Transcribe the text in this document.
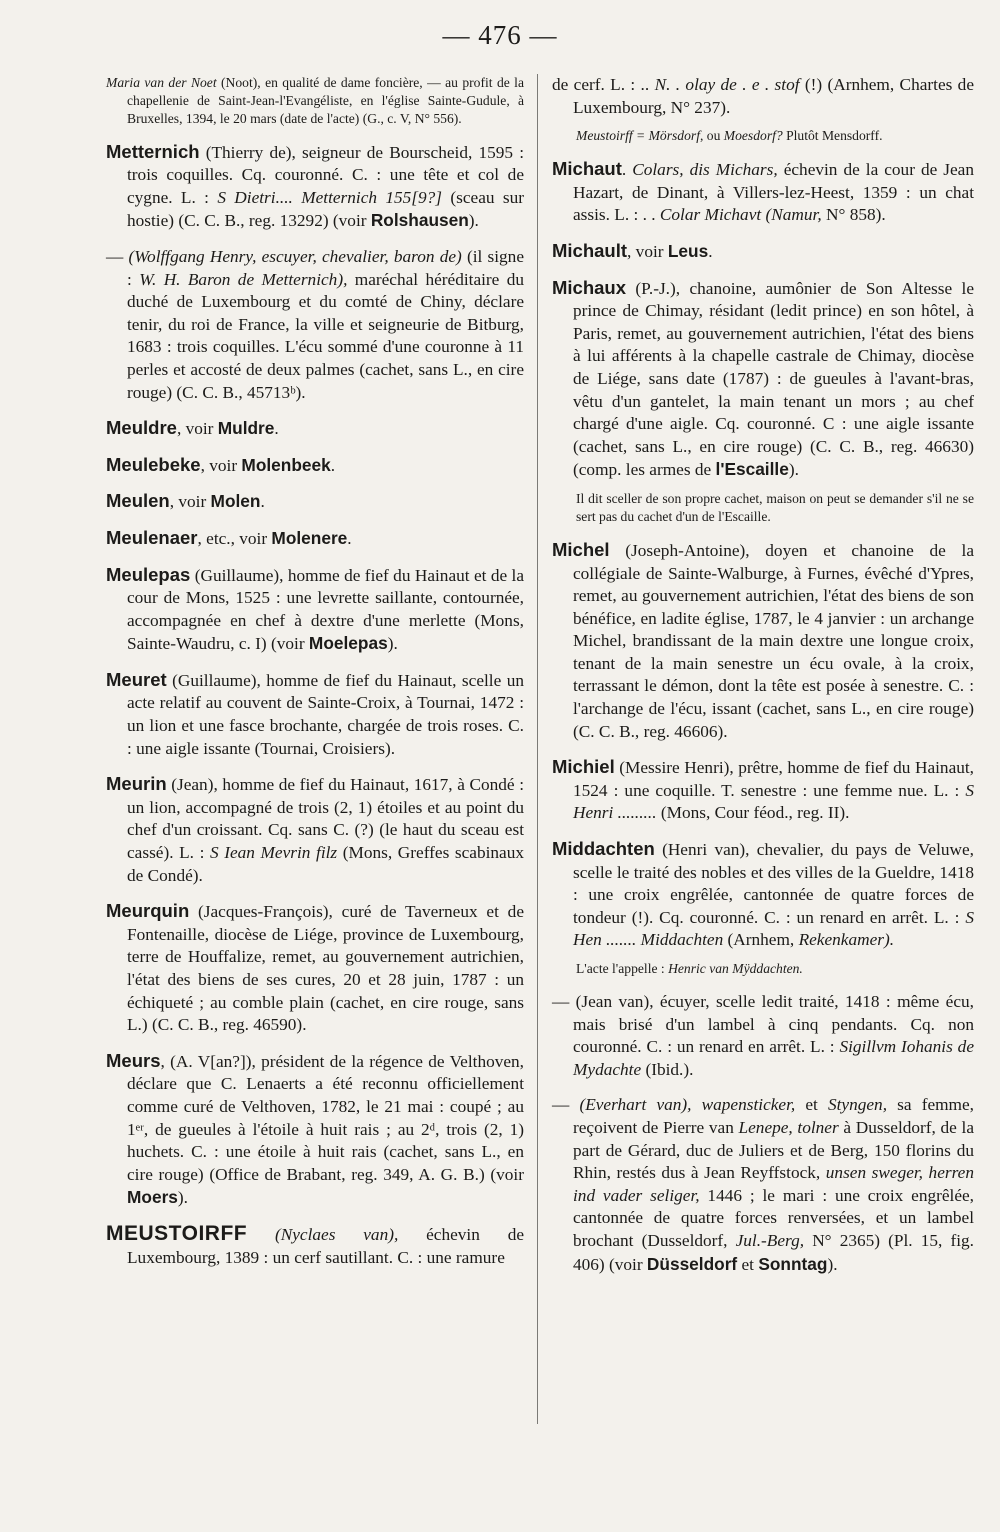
— 476 —

Maria van der Noet (Noot), en qualité de dame foncière, — au profit de la chapellenie de Saint-Jean-l'Evangéliste, en l'église Sainte-Gudule, à Bruxelles, 1394, le 20 mars (date de l'acte) (G., c. V, N° 556).

Metternich (Thierry de), seigneur de Bourscheid, 1595 : trois coquilles. Cq. couronné. C. : une tête et col de cygne. L. : S Dietri.... Metternich 155[9?] (sceau sur hostie) (C. C. B., reg. 13292) (voir Rolshausen).

— (Wolffgang Henry, escuyer, chevalier, baron de) (il signe : W. H. Baron de Metternich), maréchal héréditaire du duché de Luxembourg et du comté de Chiny, déclare tenir, du roi de France, la ville et seigneurie de Bitburg, 1683 : trois coquilles. L'écu sommé d'une couronne à 11 perles et accosté de deux palmes (cachet, sans L., en cire rouge) (C. C. B., 45713ᵇ).

Meuldre, voir Muldre.

Meulebeke, voir Molenbeek.

Meulen, voir Molen.

Meulenaer, etc., voir Molenere.

Meulepas (Guillaume), homme de fief du Hainaut et de la cour de Mons, 1525 : une levrette saillante, contournée, accompagnée en chef à dextre d'une merlette (Mons, Sainte-Waudru, c. I) (voir Moelepas).

Meuret (Guillaume), homme de fief du Hainaut, scelle un acte relatif au couvent de Sainte-Croix, à Tournai, 1472 : un lion et une fasce brochante, chargée de trois roses. C. : une aigle issante (Tournai, Croisiers).

Meurin (Jean), homme de fief du Hainaut, 1617, à Condé : un lion, accompagné de trois (2, 1) étoiles et au point du chef d'un croissant. Cq. sans C. (?) (le haut du sceau est cassé). L. : S Iean Mevrin filz (Mons, Greffes scabinaux de Condé).

Meurquin (Jacques-François), curé de Taverneux et de Fontenaille, diocèse de Liége, province de Luxembourg, terre de Houffalize, remet, au gouvernement autrichien, l'état des biens de ses cures, 20 et 28 juin, 1787 : un échiqueté ; au comble plain (cachet, en cire rouge, sans L.) (C. C. B., reg. 46590).

Meurs, (A. V[an?]), président de la régence de Velthoven, déclare que C. Lenaerts a été reconnu officiellement comme curé de Velthoven, 1782, le 21 mai : coupé ; au 1ᵉʳ, de gueules à l'étoile à huit rais ; au 2ᵈ, trois (2, 1) huchets. C. : une étoile à huit rais (cachet, sans L., en cire rouge) (Office de Brabant, reg. 349, A. G. B.) (voir Moers).

MEUSTOIRFF (Nyclaes van), échevin de Luxembourg, 1389 : un cerf sautillant. C. : une ramure

de cerf. L. : .. N. . olay de . e . stof (!) (Arnhem, Chartes de Luxembourg, N° 237).

Meustoirff = Mörsdorf, ou Moesdorf? Plutôt Mensdorff.

Michaut. Colars, dis Michars, échevin de la cour de Jean Hazart, de Dinant, à Villers-lez-Heest, 1359 : un chat assis. L. : . . Colar Michavt (Namur, N° 858).

Michault, voir Leus.

Michaux (P.-J.), chanoine, aumônier de Son Altesse le prince de Chimay, résidant (ledit prince) en son hôtel, à Paris, remet, au gouvernement autrichien, l'état des biens à lui afférents à la chapelle castrale de Chimay, diocèse de Liége, sans date (1787) : de gueules à l'avant-bras, vêtu d'un gantelet, la main tenant un mors ; au chef chargé d'une aigle. Cq. couronné. C : une aigle issante (cachet, sans L., en cire rouge) (C. C. B., reg. 46630) (comp. les armes de l'Escaille).

Il dit sceller de son propre cachet, maison on peut se demander s'il ne se sert pas du cachet d'un de l'Escaille.

Michel (Joseph-Antoine), doyen et chanoine de la collégiale de Sainte-Walburge, à Furnes, évêché d'Ypres, remet, au gouvernement autrichien, l'état des biens de son bénéfice, en ladite église, 1787, le 4 janvier : un archange Michel, brandissant de la main dextre une longue croix, tenant de la main senestre un écu ovale, à la croix, terrassant le démon, dont la tête est posée à senestre. C. : l'archange de l'écu, issant (cachet, sans L., en cire rouge) (C. C. B., reg. 46606).

Michiel (Messire Henri), prêtre, homme de fief du Hainaut, 1524 : une coquille. T. senestre : une femme nue. L. : S Henri ......... (Mons, Cour féod., reg. II).

Middachten (Henri van), chevalier, du pays de Veluwe, scelle le traité des nobles et des villes de la Gueldre, 1418 : une croix engrêlée, cantonnée de quatre forces de tondeur (!). Cq. couronné. C. : un renard en arrêt. L. : S Hen ....... Middachten (Arnhem, Rekenkamer).

L'acte l'appelle : Henric van Mÿddachten.

— (Jean van), écuyer, scelle ledit traité, 1418 : même écu, mais brisé d'un lambel à cinq pendants. Cq. non couronné. C. : un renard en arrêt. L. : Sigillvm Iohanis de Mydachte (Ibid.).

— (Everhart van), wapensticker, et Styngen, sa femme, reçoivent de Pierre van Lenepe, tolner à Dusseldorf, de la part de Gérard, duc de Juliers et de Berg, 150 florins du Rhin, restés dus à Jean Reyffstock, unsen sweger, herren ind vader seliger, 1446 ; le mari : une croix engrêlée, cantonnée de quatre forces renversées, et un lambel brochant (Dusseldorf, Jul.-Berg, N° 2365) (Pl. 15, fig. 406) (voir Düsseldorf et Sonntag).
